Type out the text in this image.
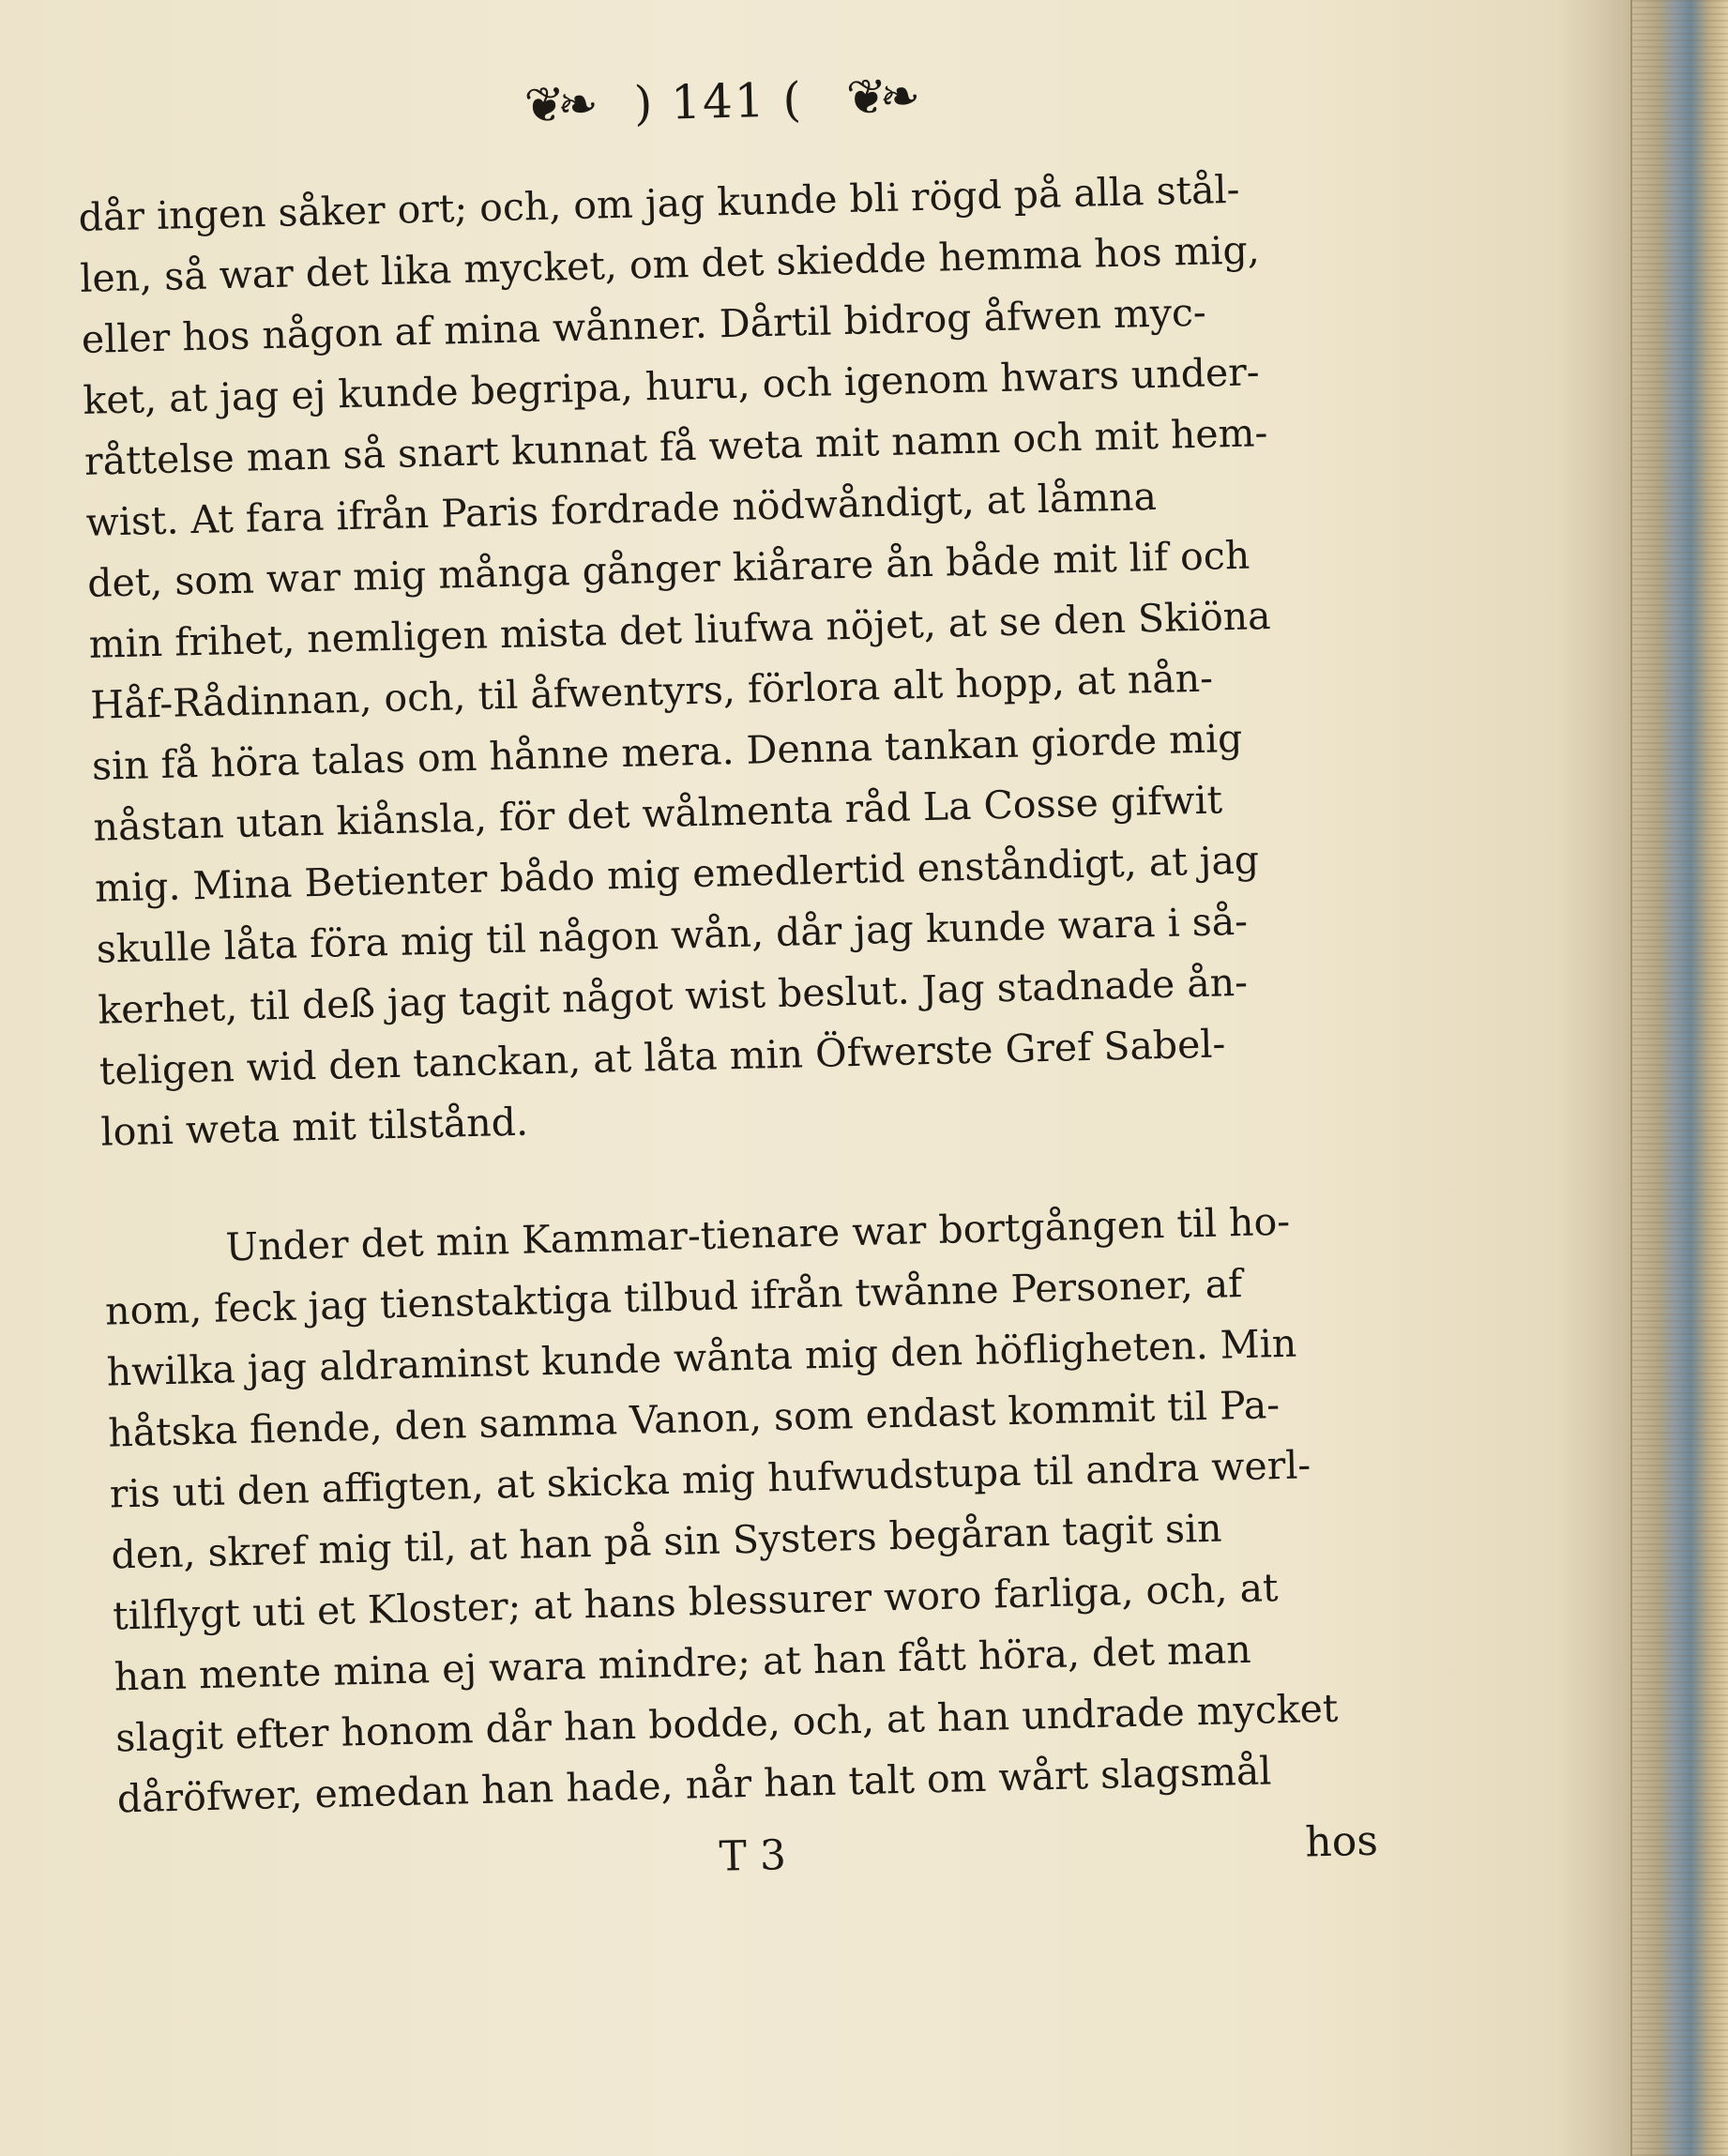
❦❧ ) 141 ( ❦❧
dår ingen såker ort; och, om jag kunde bli rögd på alla stål-
len, så war det lika mycket, om det skiedde hemma hos mig,
eller hos någon af mina wånner. Dårtil bidrog åfwen myc-
ket, at jag ej kunde begripa, huru, och igenom hwars under-
råttelse man så snart kunnat få weta mit namn och mit hem-
wist. At fara ifrån Paris fordrade nödwåndigt, at låmna
det, som war mig många gånger kiårare ån både mit lif och
min frihet, nemligen mista det liufwa nöjet, at se den Skiöna
Håf-Rådinnan, och, til åfwentyrs, förlora alt hopp, at nån-
sin få höra talas om hånne mera. Denna tankan giorde mig
nåstan utan kiånsla, för det wålmenta råd La Cosse gifwit
mig. Mina Betienter bådo mig emedlertid enståndigt, at jag
skulle låta föra mig til någon wån, dår jag kunde wara i så-
kerhet, til deß jag tagit något wist beslut. Jag stadnade ån-
teligen wid den tanckan, at låta min Öfwerste Gref Sabel-
loni weta mit tilstånd.
Under det min Kammar-tienare war bortgången til ho-
nom, feck jag tienstaktiga tilbud ifrån twånne Personer, af
hwilka jag aldraminst kunde wånta mig den höfligheten. Min
håtska fiende, den samma Vanon, som endast kommit til Pa-
ris uti den affigten, at skicka mig hufwudstupa til andra werl-
den, skref mig til, at han på sin Systers begåran tagit sin
tilflygt uti et Kloster; at hans blessurer woro farliga, och, at
han mente mina ej wara mindre; at han fått höra, det man
slagit efter honom dår han bodde, och, at han undrade mycket
dåröfwer, emedan han hade, når han talt om wårt slagsmål
T 3	hos
